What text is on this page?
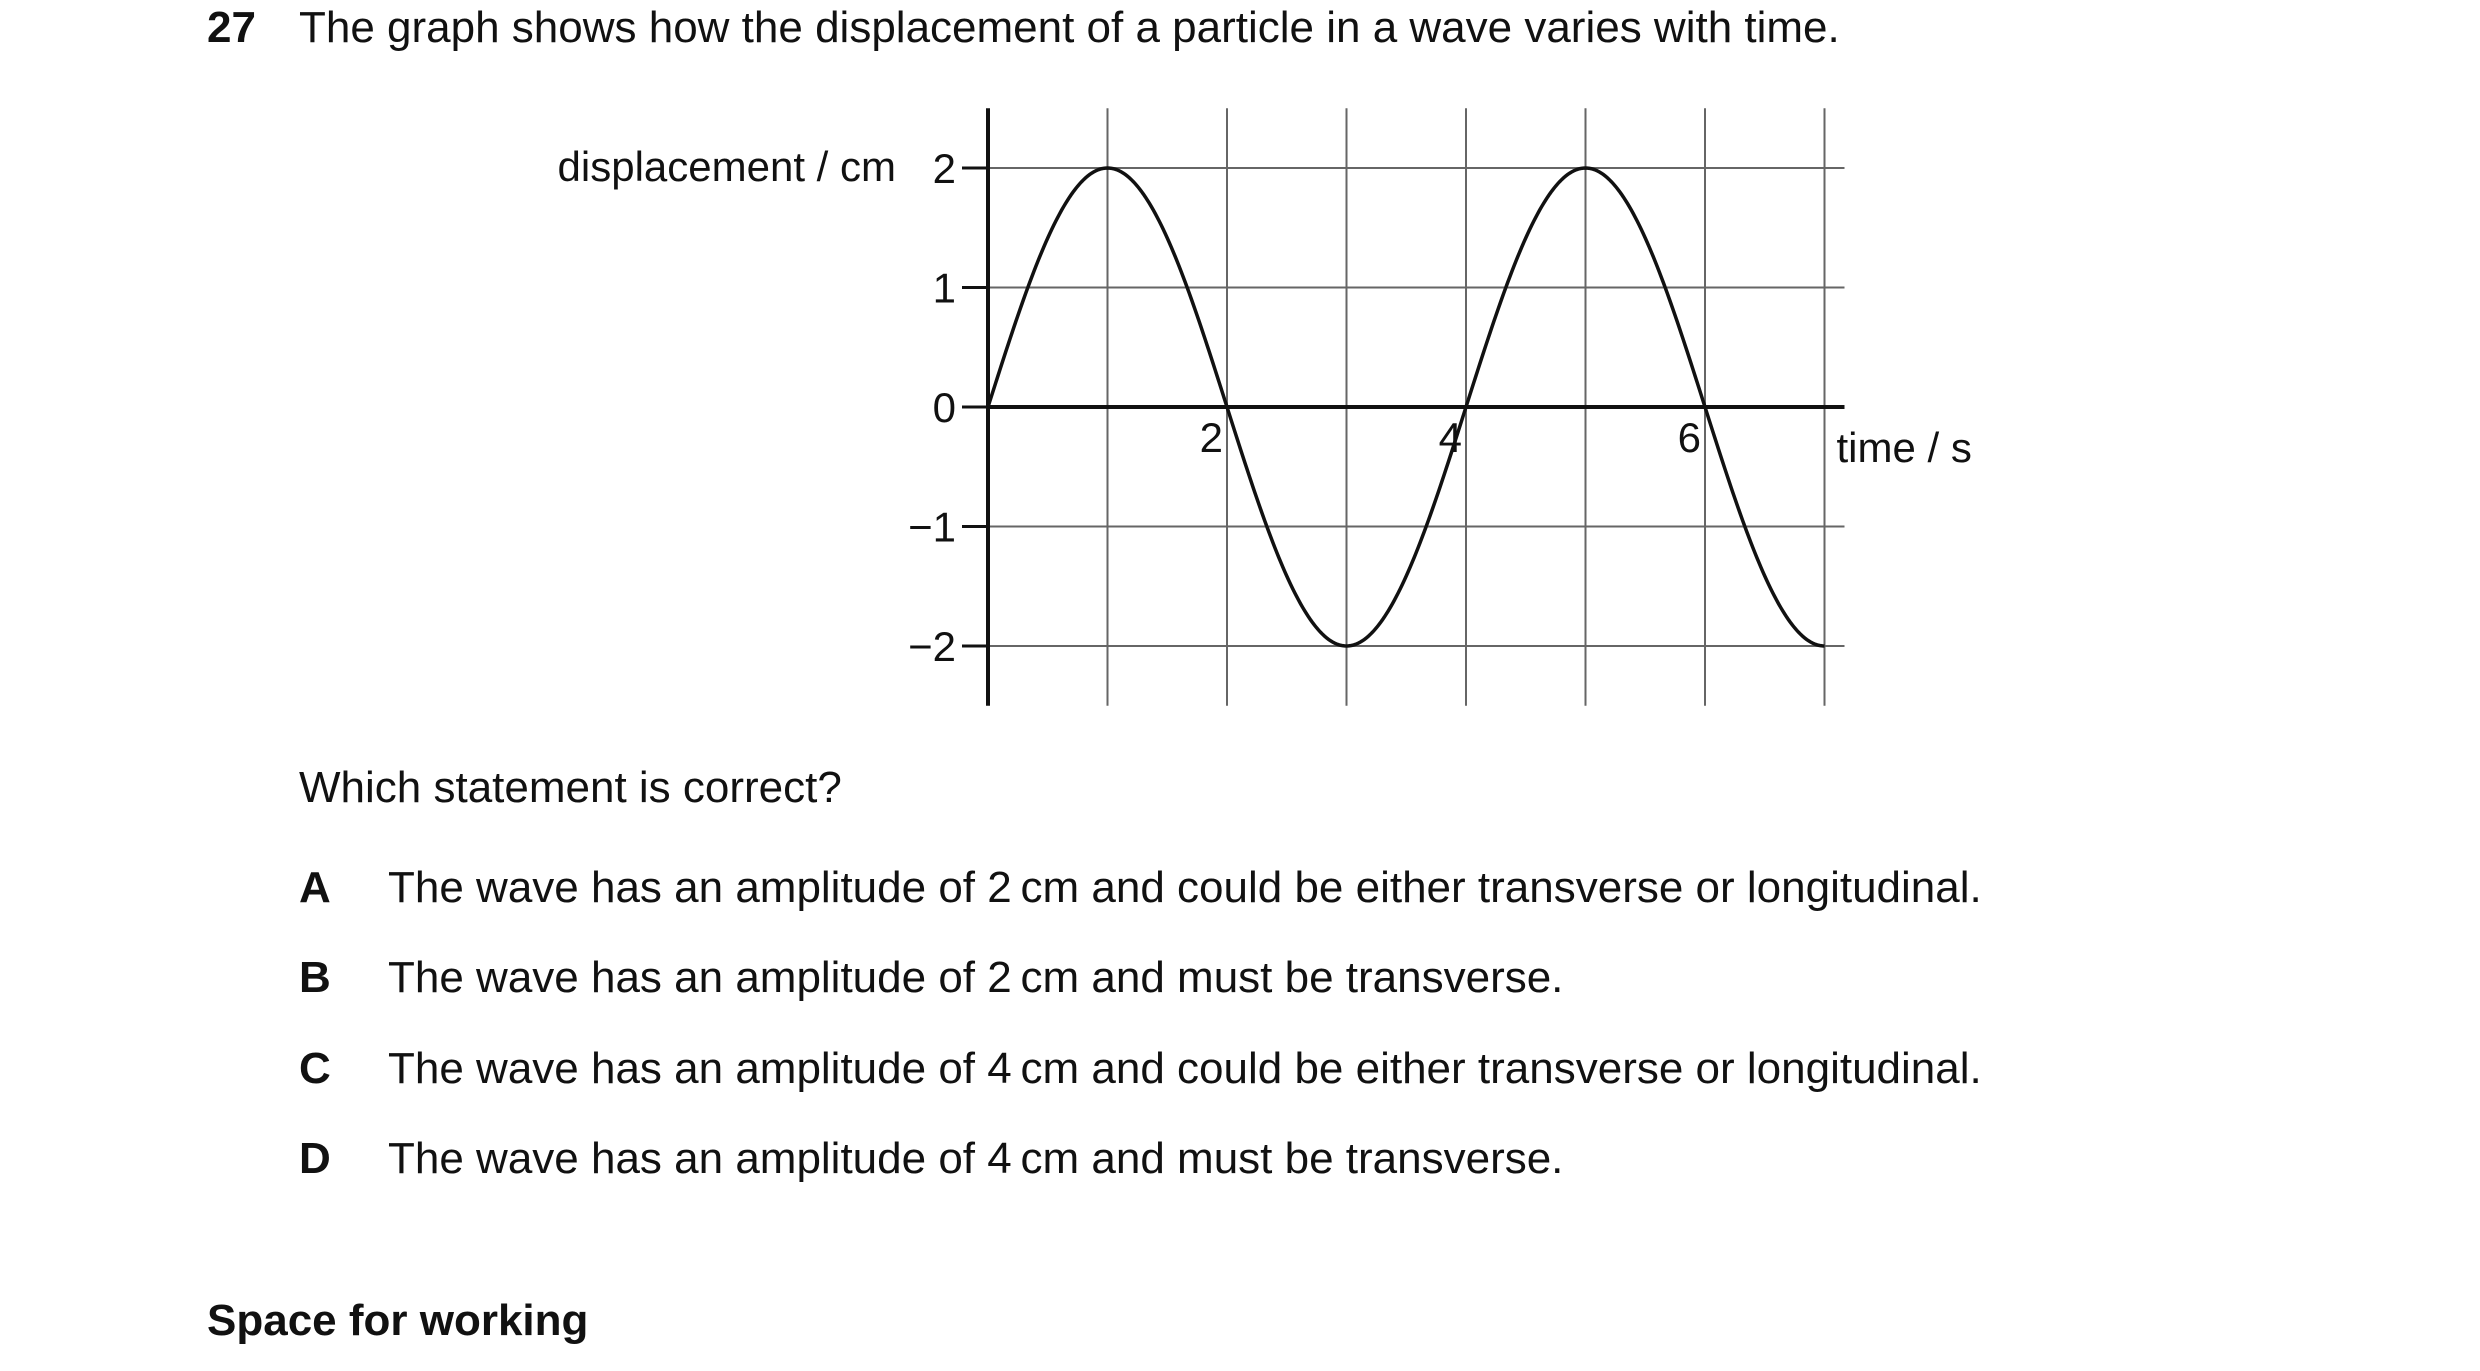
27 The graph shows how the displacement of a particle in a wave varies with time.
2
1
0
−1
−2
2	4	6
displacement / cm
time / s
Which statement is correct?
A The wave has an amplitude of 2 cm and could be either transverse or longitudinal.
B The wave has an amplitude of 2 cm and must be transverse.
C The wave has an amplitude of 4 cm and could be either transverse or longitudinal.
D The wave has an amplitude of 4 cm and must be transverse.
Space for working
